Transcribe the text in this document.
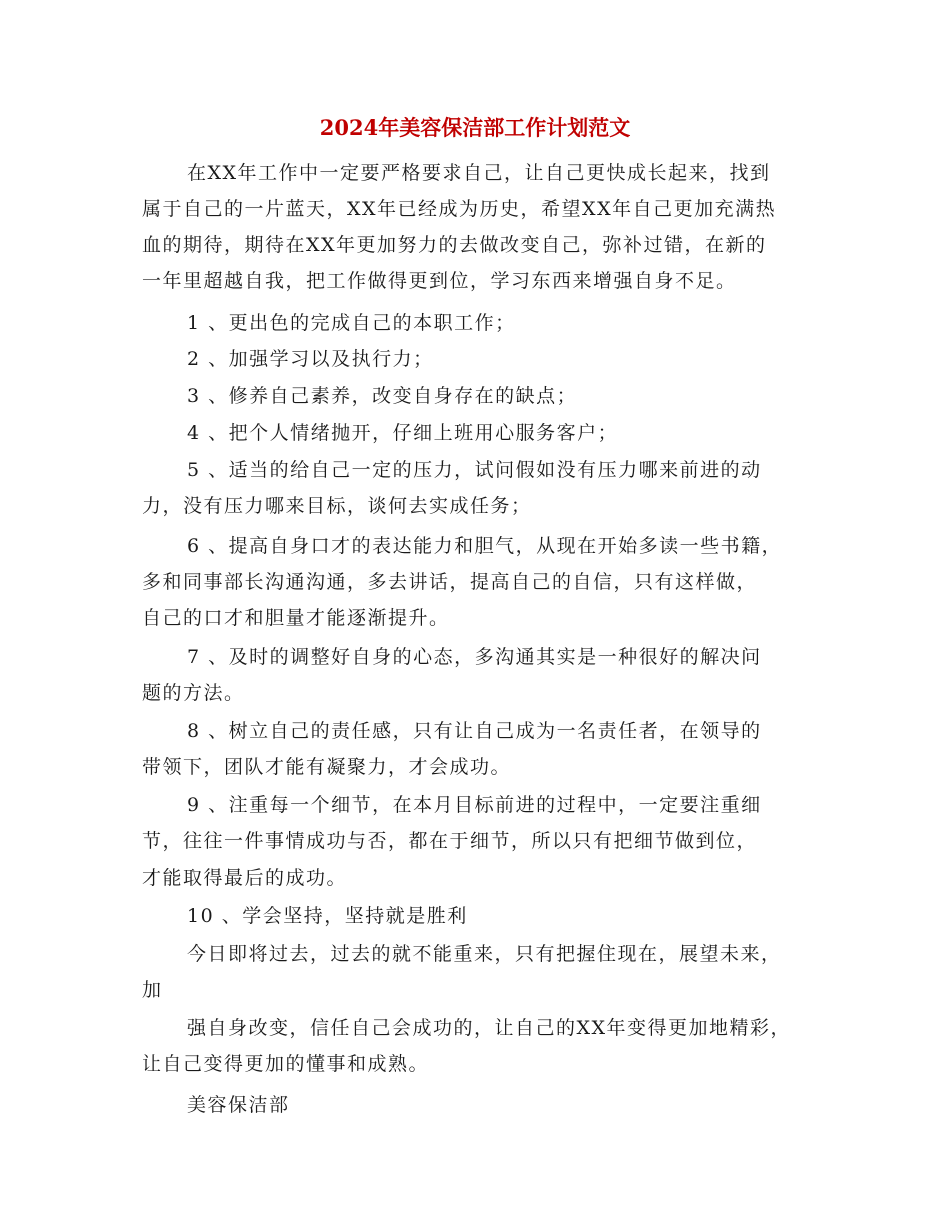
2024年美容保洁部工作计划范文
在XX年工作中一定要严格要求自己，让自己更快成长起来，找到
属于自己的一片蓝天，XX年已经成为历史，希望XX年自己更加充满热
血的期待，期待在XX年更加努力的去做改变自己，弥补过错，在新的
一年里超越自我，把工作做得更到位，学习东西来增强自身不足。
1 、更出色的完成自己的本职工作；
2 、加强学习以及执行力；
3 、修养自己素养，改变自身存在的缺点；
4 、把个人情绪抛开，仔细上班用心服务客户；
5 、适当的给自己一定的压力，试问假如没有压力哪来前进的动
力，没有压力哪来目标，谈何去实成任务；
6 、提高自身口才的表达能力和胆气，从现在开始多读一些书籍，
多和同事部长沟通沟通，多去讲话，提高自己的自信，只有这样做，
自己的口才和胆量才能逐渐提升。
7 、及时的调整好自身的心态，多沟通其实是一种很好的解决问
题的方法。
8 、树立自己的责任感，只有让自己成为一名责任者，在领导的
带领下，团队才能有凝聚力，才会成功。
9 、注重每一个细节，在本月目标前进的过程中，一定要注重细
节，往往一件事情成功与否，都在于细节，所以只有把细节做到位，
才能取得最后的成功。
10 、学会坚持，坚持就是胜利
今日即将过去，过去的就不能重来，只有把握住现在，展望未来，
加
强自身改变，信任自己会成功的，让自己的XX年变得更加地精彩，
让自己变得更加的懂事和成熟。
美容保洁部
